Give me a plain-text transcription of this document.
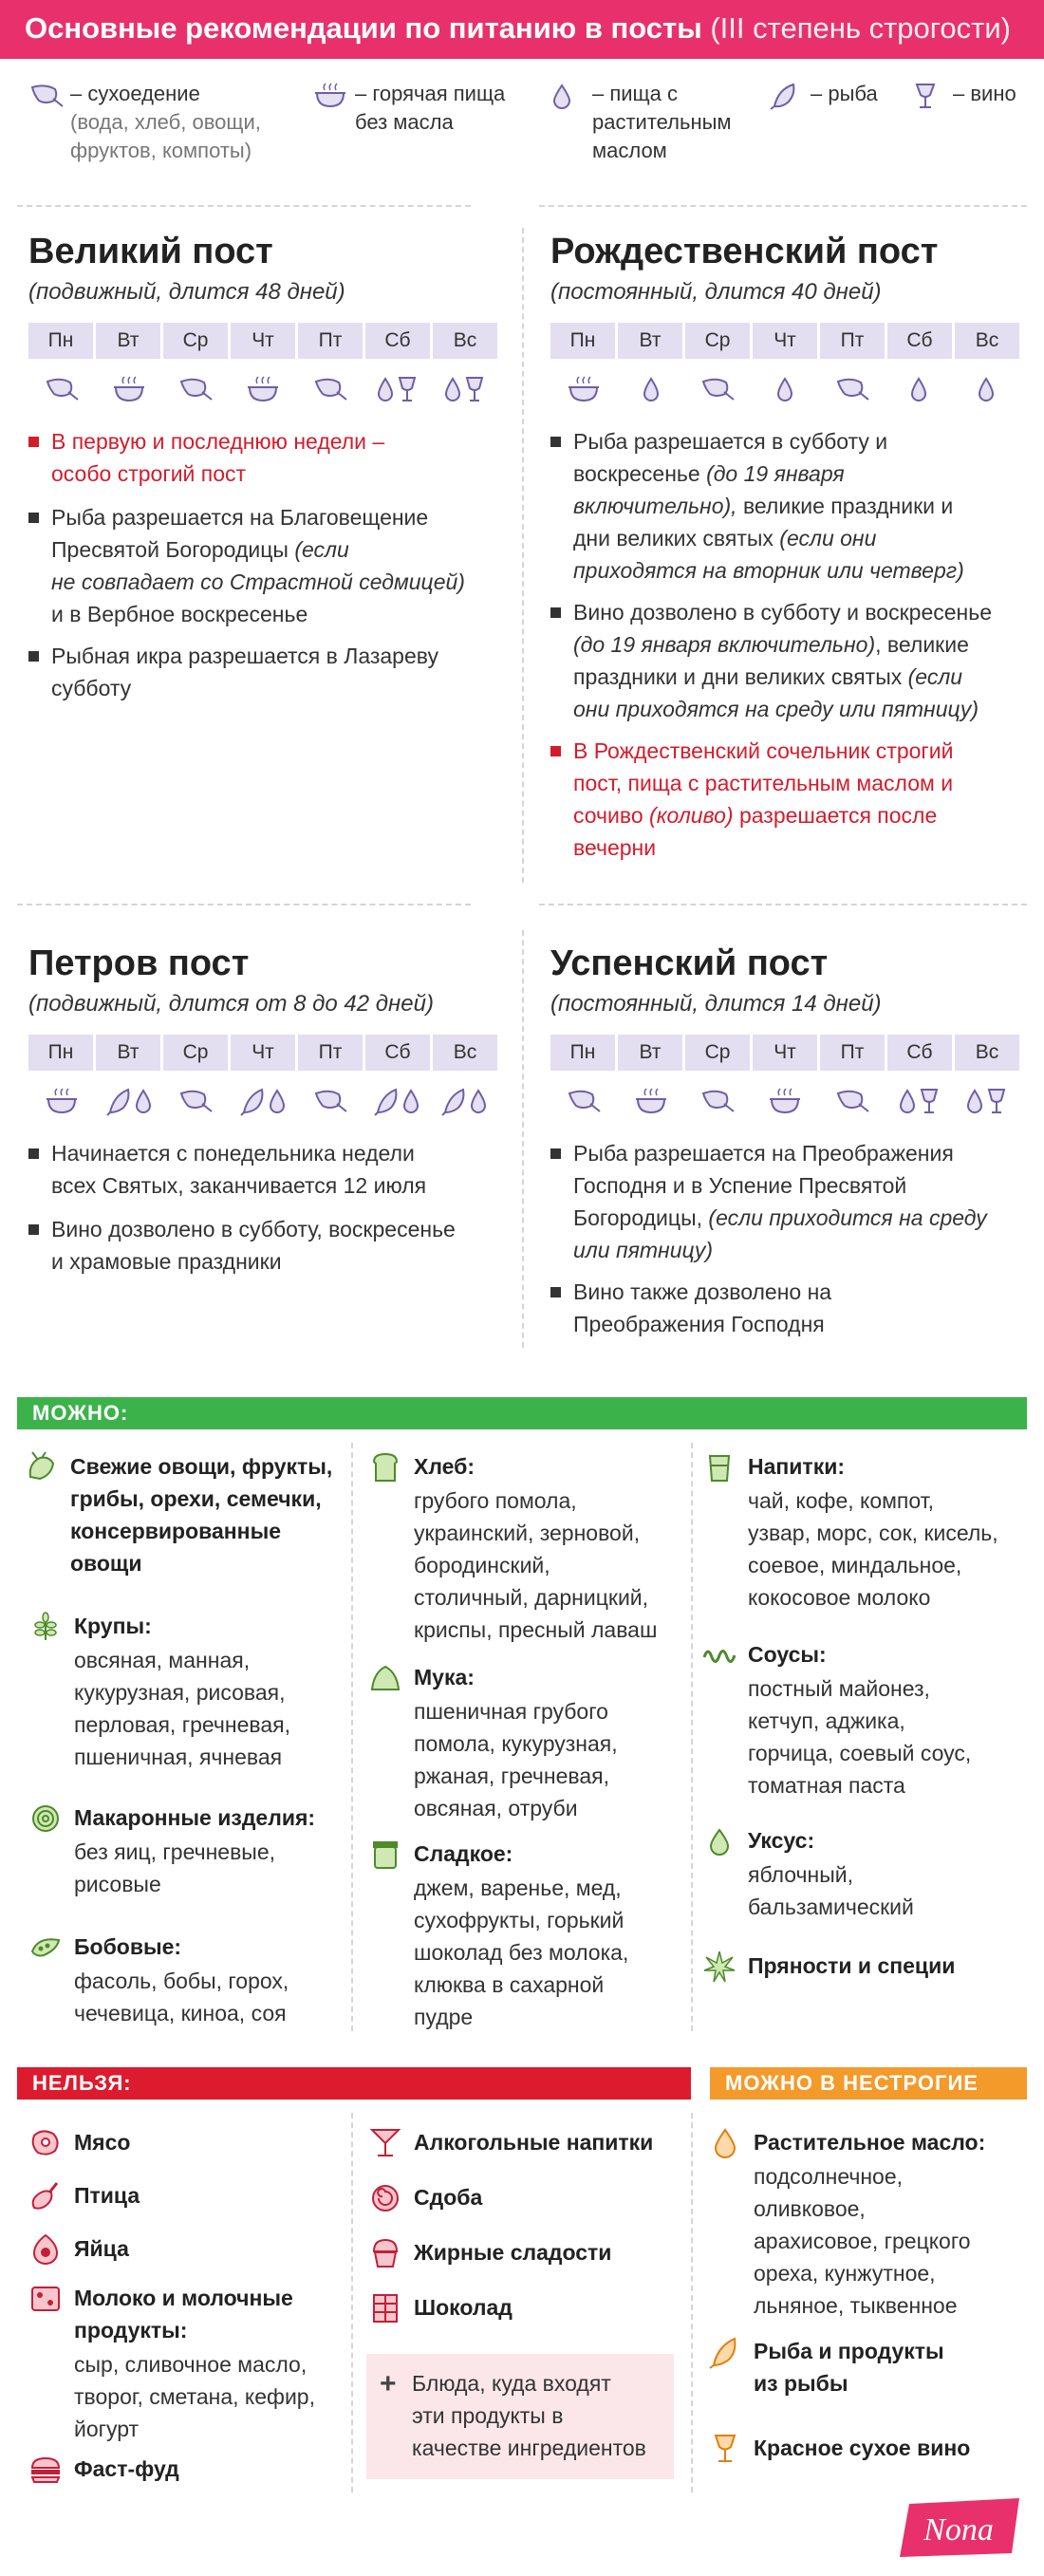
Основные рекомендации по питанию в посты (III степень строгости)
– сухоедение
(вода, хлеб, овощи,
фруктов, компоты)
– горячая пища
без масла
– пища с
растительным
маслом
– рыба	– вино
Великий пост
(подвижный, длится 48 дней)
Пн	Вт	Ср	Чт	Пт	Сб	Вс
В первую и последнюю недели –
особо строгий пост
Рыба разрешается на Благовещение
Пресвятой Богородицы (если
не совпадает со Страстной седмицей)
и в Вербное воскресенье
Рыбная икра разрешается в Лазареву
субботу
Рождественский пост
(постоянный, длится 40 дней)
Пн	Вт	Ср	Чт	Пт	Сб	Вс
Рыба разрешается в субботу и
воскресенье (до 19 января
включительно), великие праздники и
дни великих святых (если они
приходятся на вторник или четверг)
Вино дозволено в субботу и воскресенье
(до 19 января включительно), великие
праздники и дни великих святых (если
они приходятся на среду или пятницу)
В Рождественский сочельник строгий
пост, пища с растительным маслом и
сочиво (коливо) разрешается после
вечерни
Петров пост
(подвижный, длится от 8 до 42 дней)
Пн	Вт	Ср	Чт	Пт	Сб	Вс
Начинается с понедельника недели
всех Святых, заканчивается 12 июля
Вино дозволено в субботу, воскресенье
и храмовые праздники
Успенский пост
(постоянный, длится 14 дней)
Пн	Вт	Ср	Чт	Пт	Сб	Вс
Рыба разрешается на Преображения
Господня и в Успение Пресвятой
Богородицы, (если приходится на среду
или пятницу)
Вино также дозволено на
Преображения Господня
МОЖНО:
Свежие овощи, фрукты,
грибы, орехи, семечки,
консервированные
овощи
Крупы:
овсяная, манная,
кукурузная, рисовая,
перловая, гречневая,
пшеничная, ячневая
Макаронные изделия:
без яиц, гречневые,
рисовые
Бобовые:
фасоль, бобы, горох,
чечевица, киноа, соя
Хлеб:
грубого помола,
украинский, зерновой,
бородинский,
столичный, дарницкий,
криспы, пресный лаваш
Мука:
пшеничная грубого
помола, кукурузная,
ржаная, гречневая,
овсяная, отруби
Сладкое:
джем, варенье, мед,
сухофрукты, горький
шоколад без молока,
клюква в сахарной
пудре
Напитки:
чай, кофе, компот,
узвар, морс, сок, кисель,
соевое, миндальное,
кокосовое молоко
Соусы:
постный майонез,
кетчуп, аджика,
горчица, соевый соус,
томатная паста
Уксус:
яблочный,
бальзамический
Пряности и специи
НЕЛЬЗЯ:	МОЖНО В НЕСТРОГИЕ ДНИ:
Мясо
Птица
Яйца
Молоко и молочные
продукты:
сыр, сливочное масло,
творог, сметана, кефир,
йогурт
Фаст-фуд
Алкогольные напитки
Сдоба
Жирные сладости
Шоколад
+ Блюда, куда входят
эти продукты в
качестве ингредиентов
Растительное масло:
подсолнечное,
оливковое,
арахисовое, грецкого
ореха, кунжутное,
льняное, тыквенное
Рыба и продукты
из рыбы
Красное сухое вино
Nona
